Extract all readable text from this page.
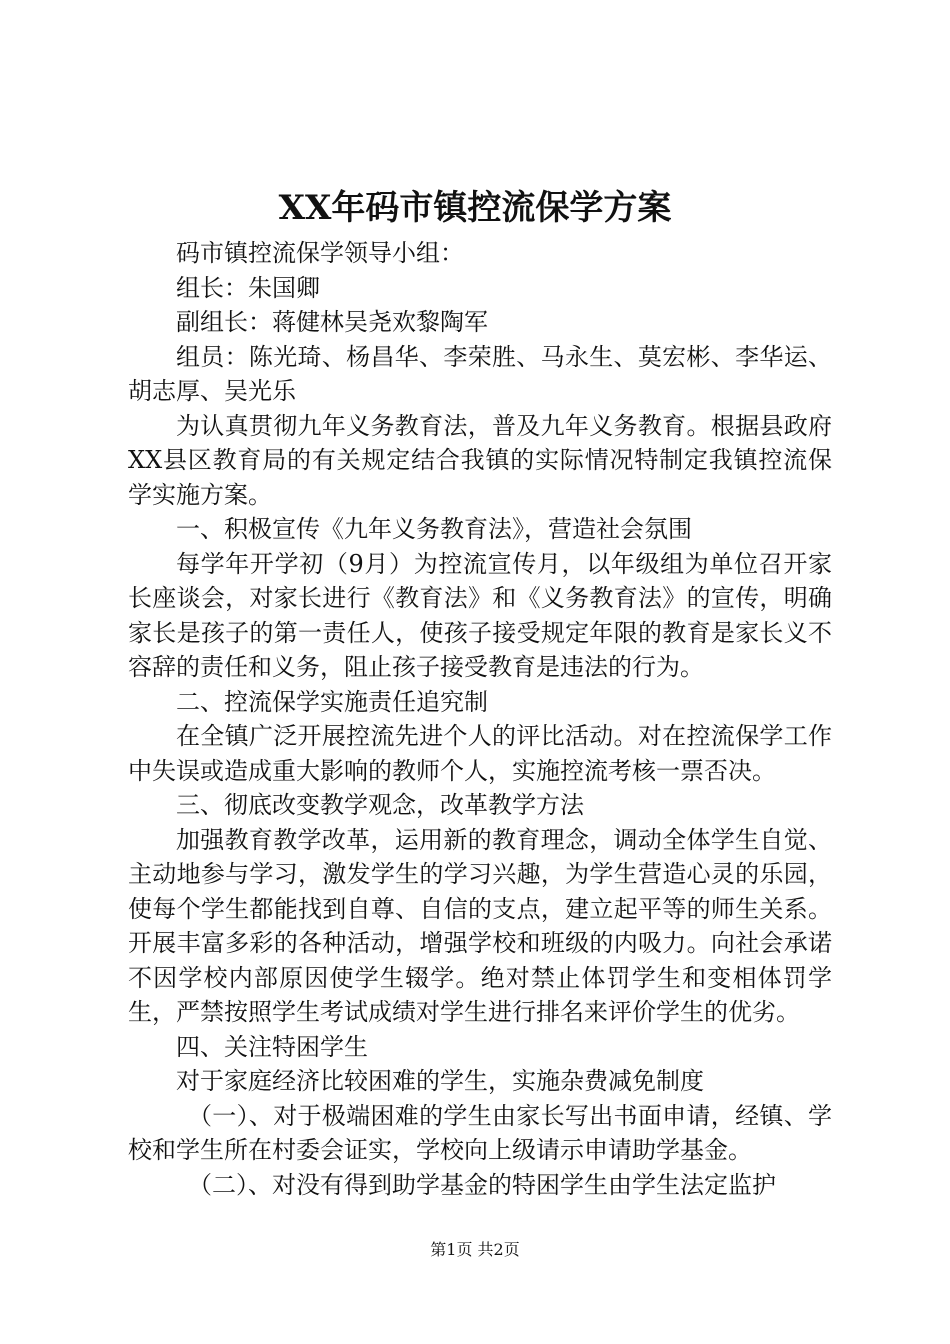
XX年码市镇控流保学方案

码市镇控流保学领导小组：

组长：朱国卿

副组长：蒋健林吴尧欢黎陶军

组员：陈光琦、杨昌华、李荣胜、马永生、莫宏彬、李华运、胡志厚、吴光乐

为认真贯彻九年义务教育法，普及九年义务教育。根据县政府XX县区教育局的有关规定结合我镇的实际情况特制定我镇控流保学实施方案。

一、积极宣传《九年义务教育法》，营造社会氛围

每学年开学初（9月）为控流宣传月，以年级组为单位召开家长座谈会，对家长进行《教育法》和《义务教育法》的宣传，明确家长是孩子的第一责任人，使孩子接受规定年限的教育是家长义不容辞的责任和义务，阻止孩子接受教育是违法的行为。

二、控流保学实施责任追究制

在全镇广泛开展控流先进个人的评比活动。对在控流保学工作中失误或造成重大影响的教师个人，实施控流考核一票否决。

三、彻底改变教学观念，改革教学方法

加强教育教学改革，运用新的教育理念，调动全体学生自觉、主动地参与学习，激发学生的学习兴趣，为学生营造心灵的乐园，使每个学生都能找到自尊、自信的支点，建立起平等的师生关系。开展丰富多彩的各种活动，增强学校和班级的内吸力。向社会承诺不因学校内部原因使学生辍学。绝对禁止体罚学生和变相体罚学生，严禁按照学生考试成绩对学生进行排名来评价学生的优劣。

四、关注特困学生

对于家庭经济比较困难的学生，实施杂费减免制度

（一）、对于极端困难的学生由家长写出书面申请，经镇、学校和学生所在村委会证实，学校向上级请示申请助学基金。

（二）、对没有得到助学基金的特困学生由学生法定监护

第1页 共2页
